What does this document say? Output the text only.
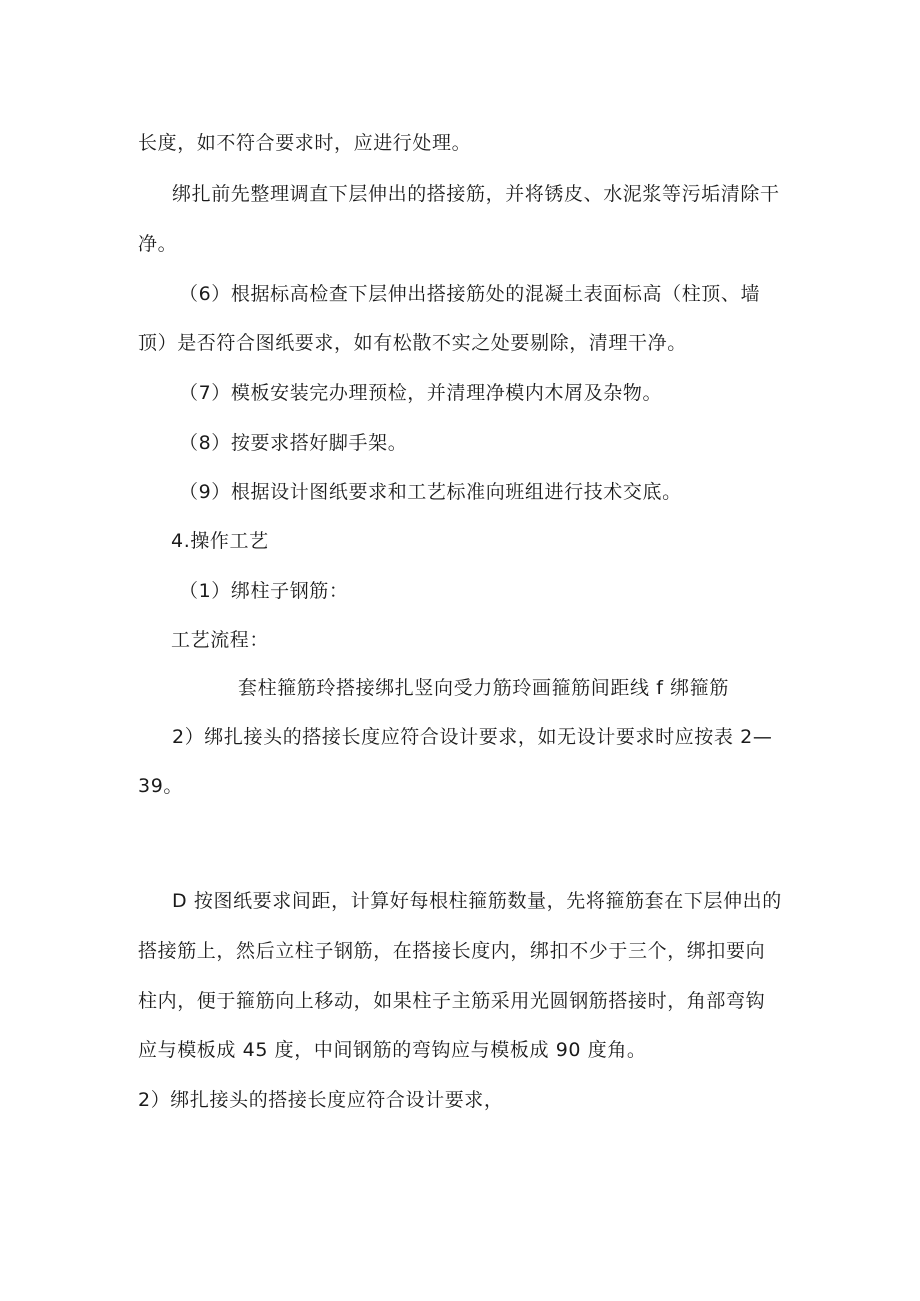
长度，如不符合要求时，应进行处理。

绑扎前先整理调直下层伸出的搭接筋，并将锈皮、水泥浆等污垢清除干

净。

（6）根据标高检查下层伸出搭接筋处的混凝土表面标高（柱顶、墙

顶）是否符合图纸要求，如有松散不实之处要剔除，清理干净。

（7）模板安装完办理预检，并清理净模内木屑及杂物。

（8）按要求搭好脚手架。

（9）根据设计图纸要求和工艺标准向班组进行技术交底。

4.操作工艺

（1）绑柱子钢筋：

工艺流程：

套柱箍筋玲搭接绑扎竖向受力筋玲画箍筋间距线 f 绑箍筋

2）绑扎接头的搭接长度应符合设计要求，如无设计要求时应按表 2—

39。

D 按图纸要求间距，计算好每根柱箍筋数量，先将箍筋套在下层伸出的

搭接筋上，然后立柱子钢筋，在搭接长度内，绑扣不少于三个，绑扣要向

柱内，便于箍筋向上移动，如果柱子主筋采用光圆钢筋搭接时，角部弯钩

应与模板成 45 度，中间钢筋的弯钩应与模板成 90 度角。

2）绑扎接头的搭接长度应符合设计要求，
